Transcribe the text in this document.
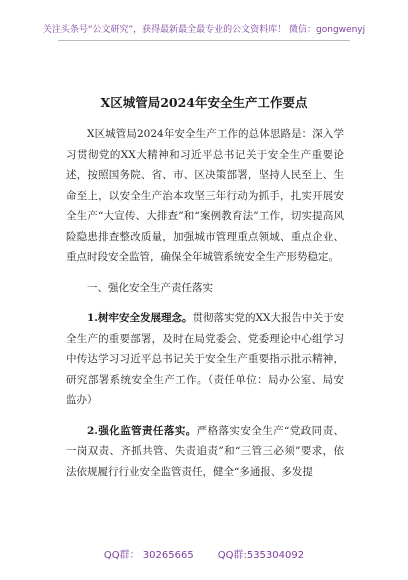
关注头条号“公文研究”，获得最新最全最专业的公文资料库！ 微信：gongwenyj
X区城管局2024年安全生产工作要点

X区城管局2024年安全生产工作的总体思路是：深入学习贯彻党的XX大精神和习近平总书记关于安全生产重要论述，按照国务院、省、市、区决策部署，坚持人民至上、生命至上，以安全生产治本攻坚三年行动为抓手，扎实开展安全生产“大宣传、大排查”和“案例教育法”工作，切实提高风险隐患排查整改质量，加强城市管理重点领域、重点企业、重点时段安全监管，确保全年城管系统安全生产形势稳定。

一、强化安全生产责任落实

1.树牢安全发展理念。贯彻落实党的XX大报告中关于安全生产的重要部署，及时在局党委会、党委理论中心组学习中传达学习习近平总书记关于安全生产重要指示批示精神，研究部署系统安全生产工作。（责任单位：局办公室、局安监办）

2.强化监管责任落实。严格落实安全生产“党政同责、一岗双责、齐抓共管、失责追责”和“三管三必须”要求，依法依规履行行业安全监管责任，健全“多通报、多发提

QQ群： 30265665 QQ群:535304092
